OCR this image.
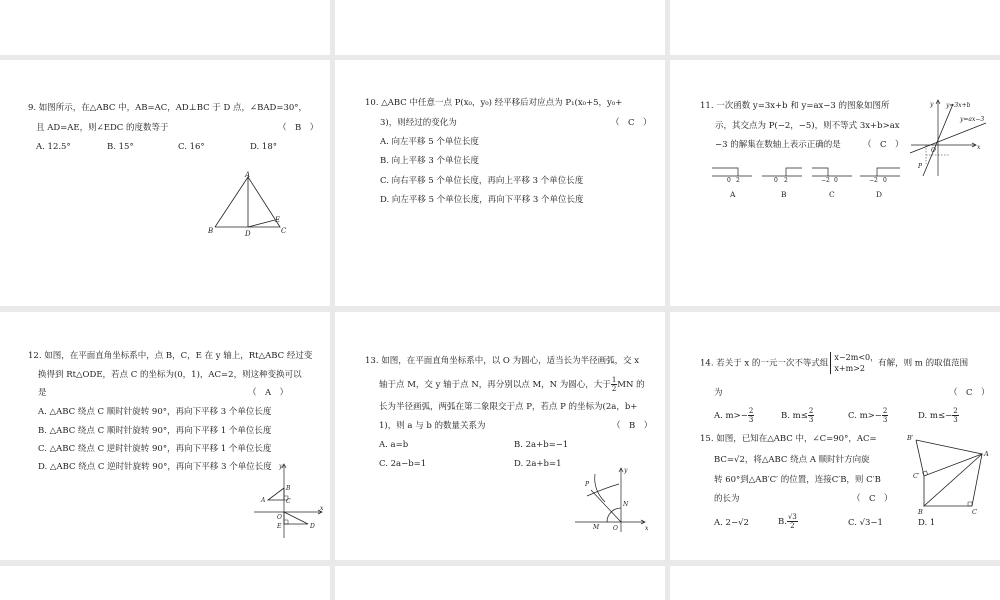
9. 如图所示，在△ABC 中，AB=AC，AD⊥BC 于 D 点，∠BAD=30°，
且 AD=AE，则∠EDC 的度数等于	（　B　）
A. 12.5°	B. 15°	C. 16°	D. 18°
A
B	D
E
C
10. △ABC 中任意一点 P(x₀，y₀) 经平移后对应点为 P₁(x₀+5，y₀+
3)，则经过的变化为	（　C　）
A. 向左平移 5 个单位长度
B. 向上平移 3 个单位长度
C. 向右平移 5 个单位长度，再向上平移 3 个单位长度
D. 向左平移 5 个单位长度，再向下平移 3 个单位长度
11. 一次函数 y=3x+b 和 y=ax−3 的图象如图所
示，其交点为 P(−2，−5)，则不等式 3x+b>ax
−3 的解集在数轴上表示正确的是	（　C　）
0 2
A
0 2
B
−2 0
C
−2 0
D
y y=3x+b
y=ax−3
O	x
P
12. 如图，在平面直角坐标系中，点 B，C，E 在 y 轴上，Rt△ABC 经过变
换得到 Rt△ODE，若点 C 的坐标为(0，1)，AC=2，则这种变换可以
是	（　A　）
A. △ABC 绕点 C 顺时针旋转 90°，再向下平移 3 个单位长度
B. △ABC 绕点 C 顺时针旋转 90°，再向下平移 1 个单位长度
C. △ABC 绕点 C 逆时针旋转 90°，再向下平移 1 个单位长度
D. △ABC 绕点 C 逆时针旋转 90°，再向下平移 3 个单位长度 y
B
A	C
O
x
E	D
13. 如图，在平面直角坐标系中，以 O 为圆心，适当长为半径画弧，交 x
轴于点 M，交 y 轴于点 N，再分别以点 M，N 为圆心，大于 $\frac{1}{2}$ MN 的
长为半径画弧，两弧在第二象限交于点 P，若点 P 的坐标为(2a，b+
1)，则 a 与 b 的数量关系为	（　B　）
A. a=b	B. 2a+b=−1
C. 2a−b=1	D. 2a+b=1
y
P
N
M O	x
14. 若关于 x 的一元一次不等式组x−2m<0，
x+m>2 有解，则 m 的取值范围
为	（　C　）
A. $m>- \frac{2}{3}$	B. $m\le \frac{2}{3}$	C. $m>- \frac{2}{3}$	D. $m\le- \frac{2}{3}$
15. 如图，已知在△ABC 中，∠C=90°，AC=
BC=√2，将△ABC 绕点 A 顺时针方向旋
转 60°到△AB′C′ 的位置，连接C′B，则 C′B
的长为	（　C　）
A. 2−√2	B. $\frac{√3}{2}$	C. √3−1	D. 1
B′
A
C′
B	C
